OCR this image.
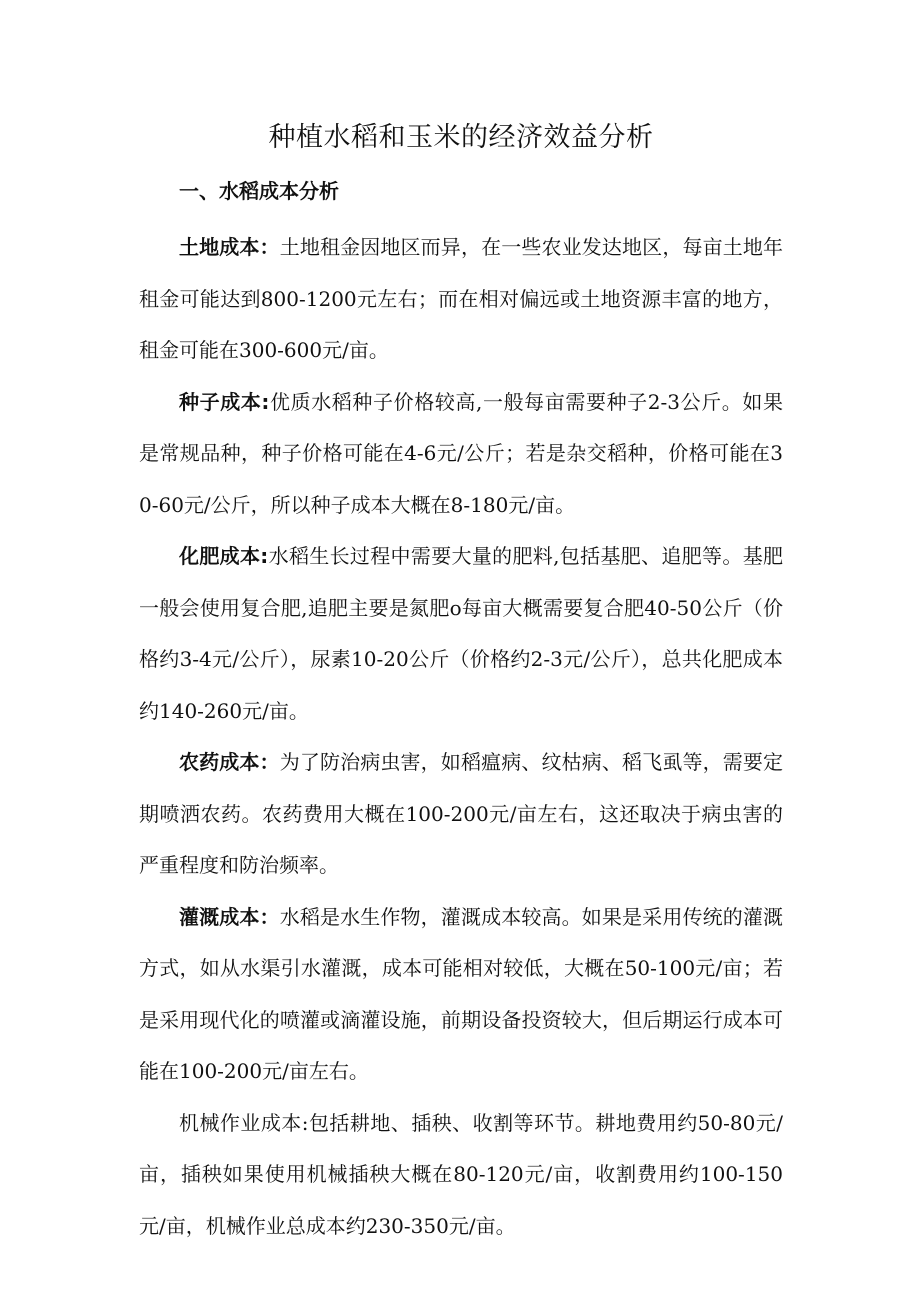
种植水稻和玉米的经济效益分析
一、水稻成本分析

土地成本：土地租金因地区而异，在一些农业发达地区，每亩土地年租金可能达到800-1200元左右；而在相对偏远或土地资源丰富的地方，租金可能在300-600元/亩。

种子成本:优质水稻种子价格较高,一般每亩需要种子2-3公斤。如果是常规品种，种子价格可能在4-6元/公斤；若是杂交稻种，价格可能在30-60元/公斤，所以种子成本大概在8-180元/亩。

化肥成本:水稻生长过程中需要大量的肥料,包括基肥、追肥等。基肥一般会使用复合肥,追肥主要是氮肥o每亩大概需要复合肥40-50公斤（价格约3-4元/公斤），尿素10-20公斤（价格约2-3元/公斤），总共化肥成本约140-260元/亩。

农药成本：为了防治病虫害，如稻瘟病、纹枯病、稻飞虱等，需要定期喷洒农药。农药费用大概在100-200元/亩左右，这还取决于病虫害的严重程度和防治频率。

灌溉成本：水稻是水生作物，灌溉成本较高。如果是采用传统的灌溉方式，如从水渠引水灌溉，成本可能相对较低，大概在50-100元/亩；若是采用现代化的喷灌或滴灌设施，前期设备投资较大，但后期运行成本可能在100-200元/亩左右。

机械作业成本:包括耕地、插秧、收割等环节。耕地费用约50-80元/亩，插秧如果使用机械插秧大概在80-120元/亩，收割费用约100-150元/亩，机械作业总成本约230-350元/亩。
